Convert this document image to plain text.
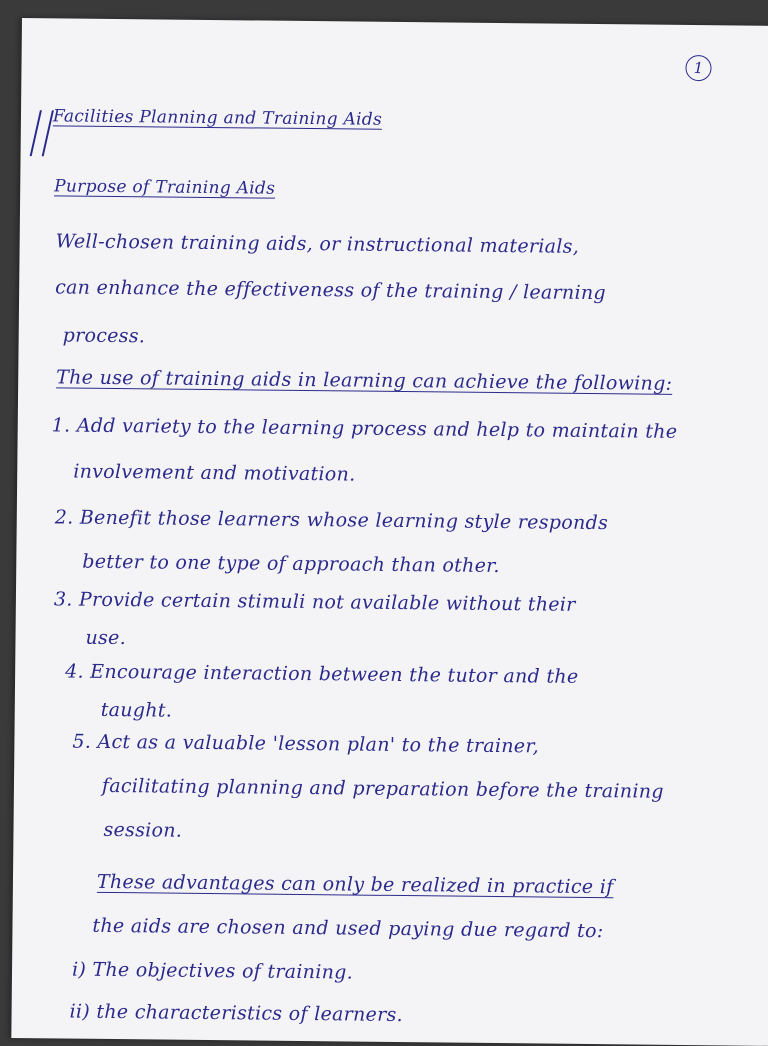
1
Facilities Planning and Training Aids
Purpose of Training Aids
Well-chosen training aids, or instructional materials,
can enhance the effectiveness of the training / learning
process.
The use of training aids in learning can achieve the following:
1. Add variety to the learning process and help to maintain the
involvement and motivation.
2. Benefit those learners whose learning style responds
better to one type of approach than other.
3. Provide certain stimuli not available without their
use.
4. Encourage interaction between the tutor and the
taught.
5. Act as a valuable 'lesson plan' to the trainer,
facilitating planning and preparation before the training
session.
These advantages can only be realized in practice if
the aids are chosen and used paying due regard to:
i) The objectives of training.
ii) the characteristics of learners.
